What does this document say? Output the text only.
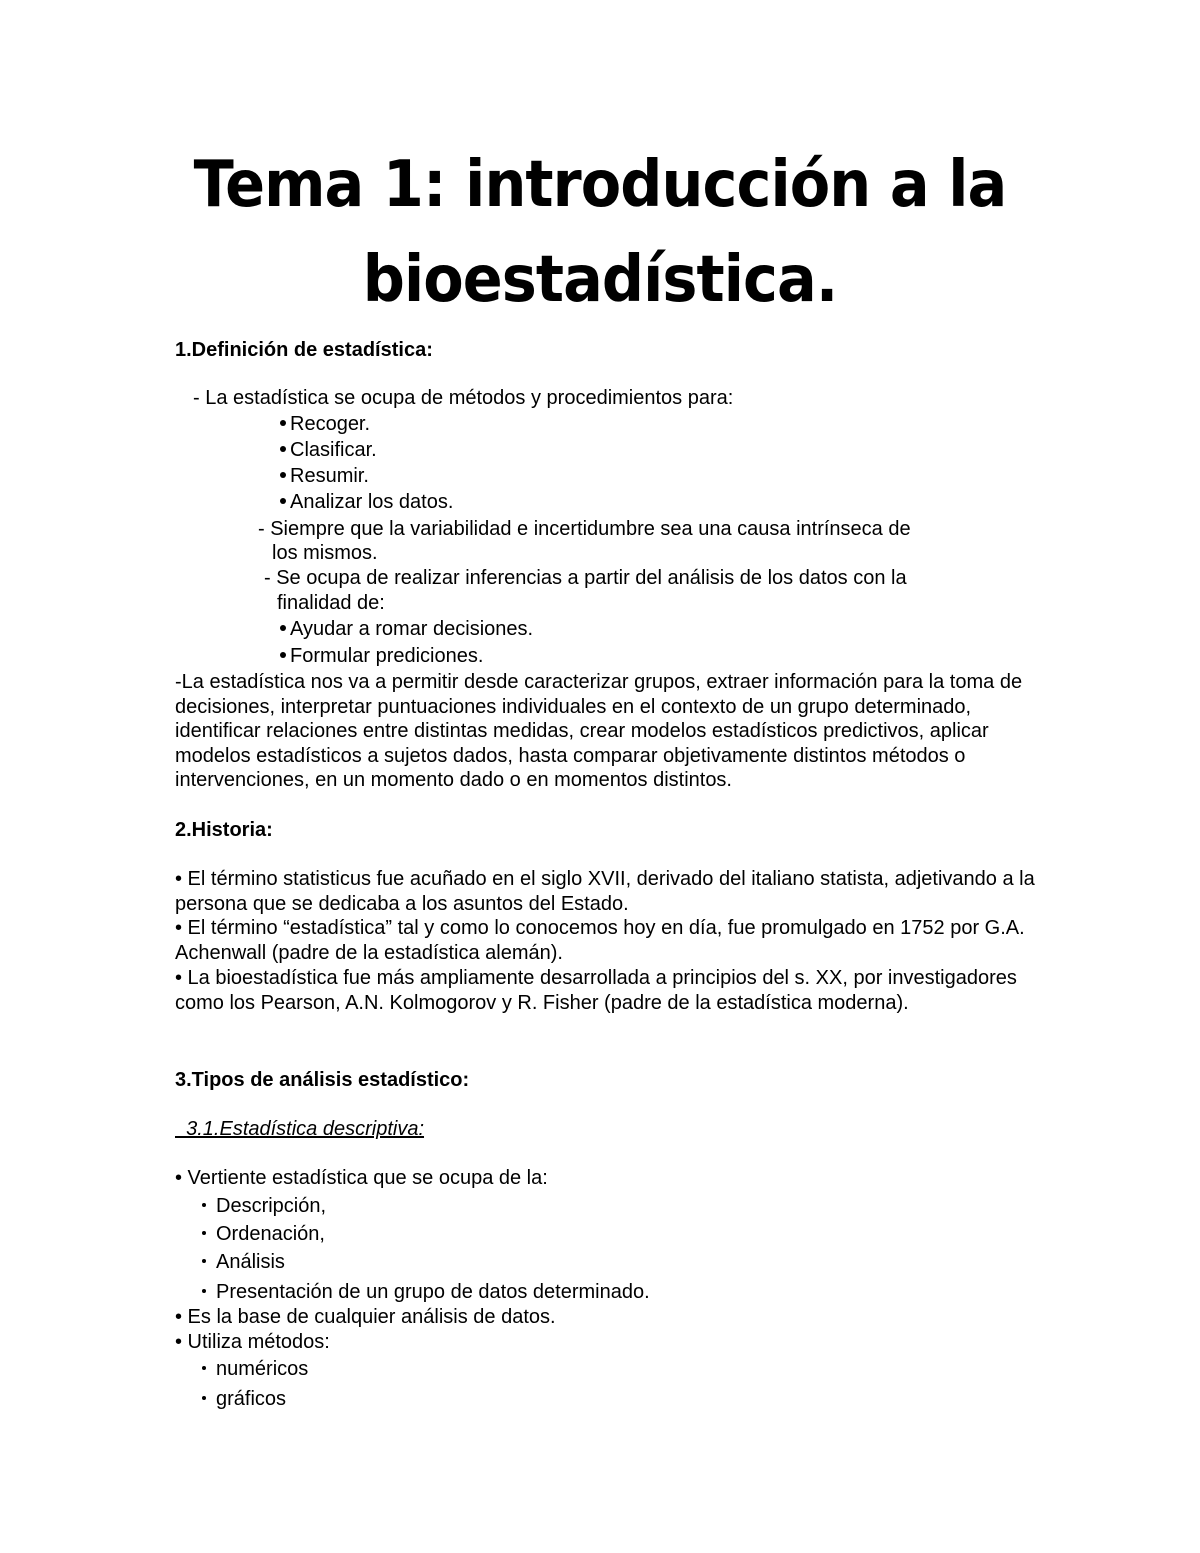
Tema 1: introducción a la
bioestadística.

1.Definición de estadística:

- La estadística se ocupa de métodos y procedimientos para:

Recoger.

Clasificar.

Resumir.

Analizar los datos.

- Siempre que la variabilidad e incertidumbre sea una causa intrínseca de

los mismos.

- Se ocupa de realizar inferencias a partir del análisis de los datos con la

finalidad de:

Ayudar a romar decisiones.

Formular prediciones.

-La estadística nos va a permitir desde caracterizar grupos, extraer información para la toma de decisiones, interpretar puntuaciones individuales en el contexto de un grupo determinado, identificar relaciones entre distintas medidas, crear modelos estadísticos predictivos, aplicar modelos estadísticos a sujetos dados, hasta comparar objetivamente distintos métodos o intervenciones, en un momento dado o en momentos distintos.

2.Historia:

• El término statisticus fue acuñado en el siglo XVII, derivado del italiano statista, adjetivando a la persona que se dedicaba a los asuntos del Estado.

• El término “estadística” tal y como lo conocemos hoy en día, fue promulgado en 1752 por G.A. Achenwall (padre de la estadística alemán).

• La bioestadística fue más ampliamente desarrollada a principios del s. XX, por investigadores como los Pearson, A.N. Kolmogorov y R. Fisher (padre de la estadística moderna).

3.Tipos de análisis estadístico:

3.1.Estadística descriptiva:

• Vertiente estadística que se ocupa de la:

Descripción,

Ordenación,

Análisis

Presentación de un grupo de datos determinado.

• Es la base de cualquier análisis de datos.

• Utiliza métodos:

numéricos

gráficos
